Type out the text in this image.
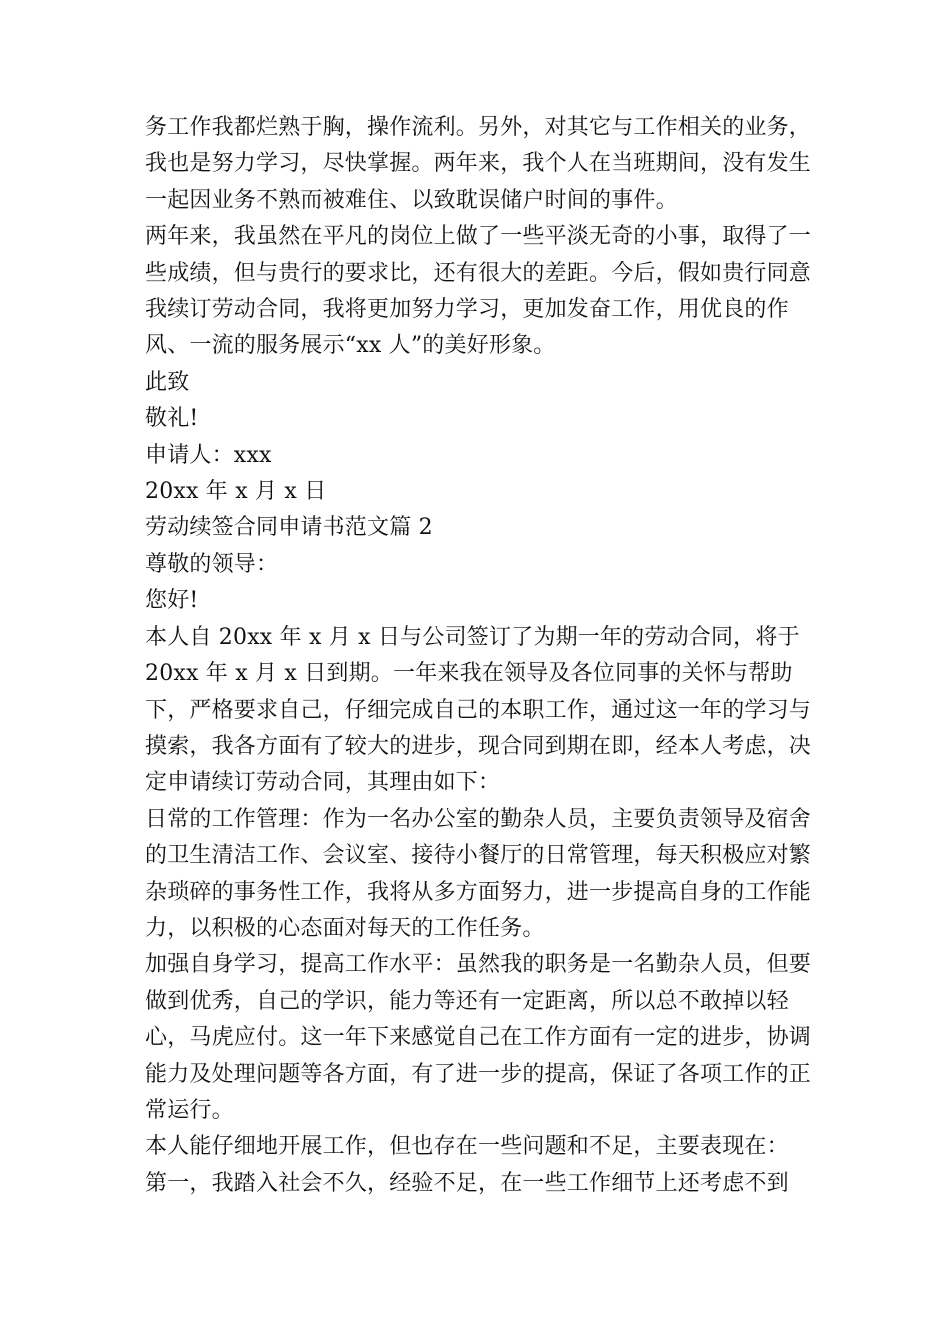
务工作我都烂熟于胸，操作流利。另外，对其它与工作相关的业务，我也是努力学习，尽快掌握。两年来，我个人在当班期间，没有发生一起因业务不熟而被难住、以致耽误储户时间的事件。

两年来，我虽然在平凡的岗位上做了一些平淡无奇的小事，取得了一些成绩，但与贵行的要求比，还有很大的差距。今后，假如贵行同意我续订劳动合同，我将更加努力学习，更加发奋工作，用优良的作风、一流的服务展示“xx 人”的美好形象。

此致

敬礼!

申请人：xxx

20xx 年 x 月 x 日

劳动续签合同申请书范文篇 2

尊敬的领导：

您好!

本人自 20xx 年 x 月 x 日与公司签订了为期一年的劳动合同，将于 20xx 年 x 月 x 日到期。一年来我在领导及各位同事的关怀与帮助下，严格要求自己，仔细完成自己的本职工作，通过这一年的学习与摸索，我各方面有了较大的进步，现合同到期在即，经本人考虑，决定申请续订劳动合同，其理由如下：

日常的工作管理：作为一名办公室的勤杂人员，主要负责领导及宿舍的卫生清洁工作、会议室、接待小餐厅的日常管理，每天积极应对繁杂琐碎的事务性工作，我将从多方面努力，进一步提高自身的工作能力，以积极的心态面对每天的工作任务。

加强自身学习，提高工作水平：虽然我的职务是一名勤杂人员，但要做到优秀，自己的学识，能力等还有一定距离，所以总不敢掉以轻心，马虎应付。这一年下来感觉自己在工作方面有一定的进步，协调能力及处理问题等各方面，有了进一步的提高，保证了各项工作的正常运行。

本人能仔细地开展工作，但也存在一些问题和不足，主要表现在：

第一，我踏入社会不久，经验不足，在一些工作细节上还考虑不到
